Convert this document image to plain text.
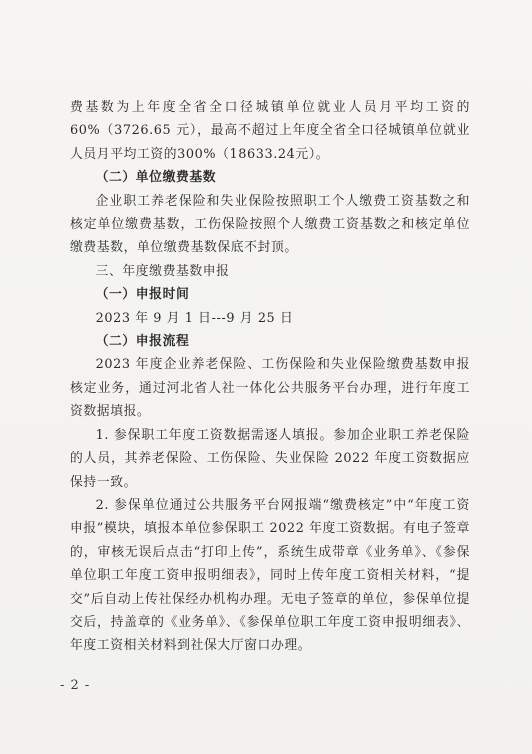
费基数为上年度全省全口径城镇单位就业人员月平均工资的60%（3726.65 元），最高不超过上年度全省全口径城镇单位就业人员月平均工资的300%（18633.24元）。

（二）单位缴费基数

企业职工养老保险和失业保险按照职工个人缴费工资基数之和核定单位缴费基数，工伤保险按照个人缴费工资基数之和核定单位缴费基数，单位缴费基数保底不封顶。

三、年度缴费基数申报

（一）申报时间

2023 年 9 月 1 日---9 月 25 日

（二）申报流程

2023 年度企业养老保险、工伤保险和失业保险缴费基数申报核定业务，通过河北省人社一体化公共服务平台办理，进行年度工资数据填报。

1. 参保职工年度工资数据需逐人填报。参加企业职工养老保险的人员，其养老保险、工伤保险、失业保险 2022 年度工资数据应保持一致。

2. 参保单位通过公共服务平台网报端“缴费核定”中“年度工资申报”模块，填报本单位参保职工 2022 年度工资数据。有电子签章的，审核无误后点击“打印上传”，系统生成带章《业务单》、《参保单位职工年度工资申报明细表》，同时上传年度工资相关材料，“提交”后自动上传社保经办机构办理。无电子签章的单位，参保单位提交后，持盖章的《业务单》、《参保单位职工年度工资申报明细表》、年度工资相关材料到社保大厅窗口办理。

- 2 -
